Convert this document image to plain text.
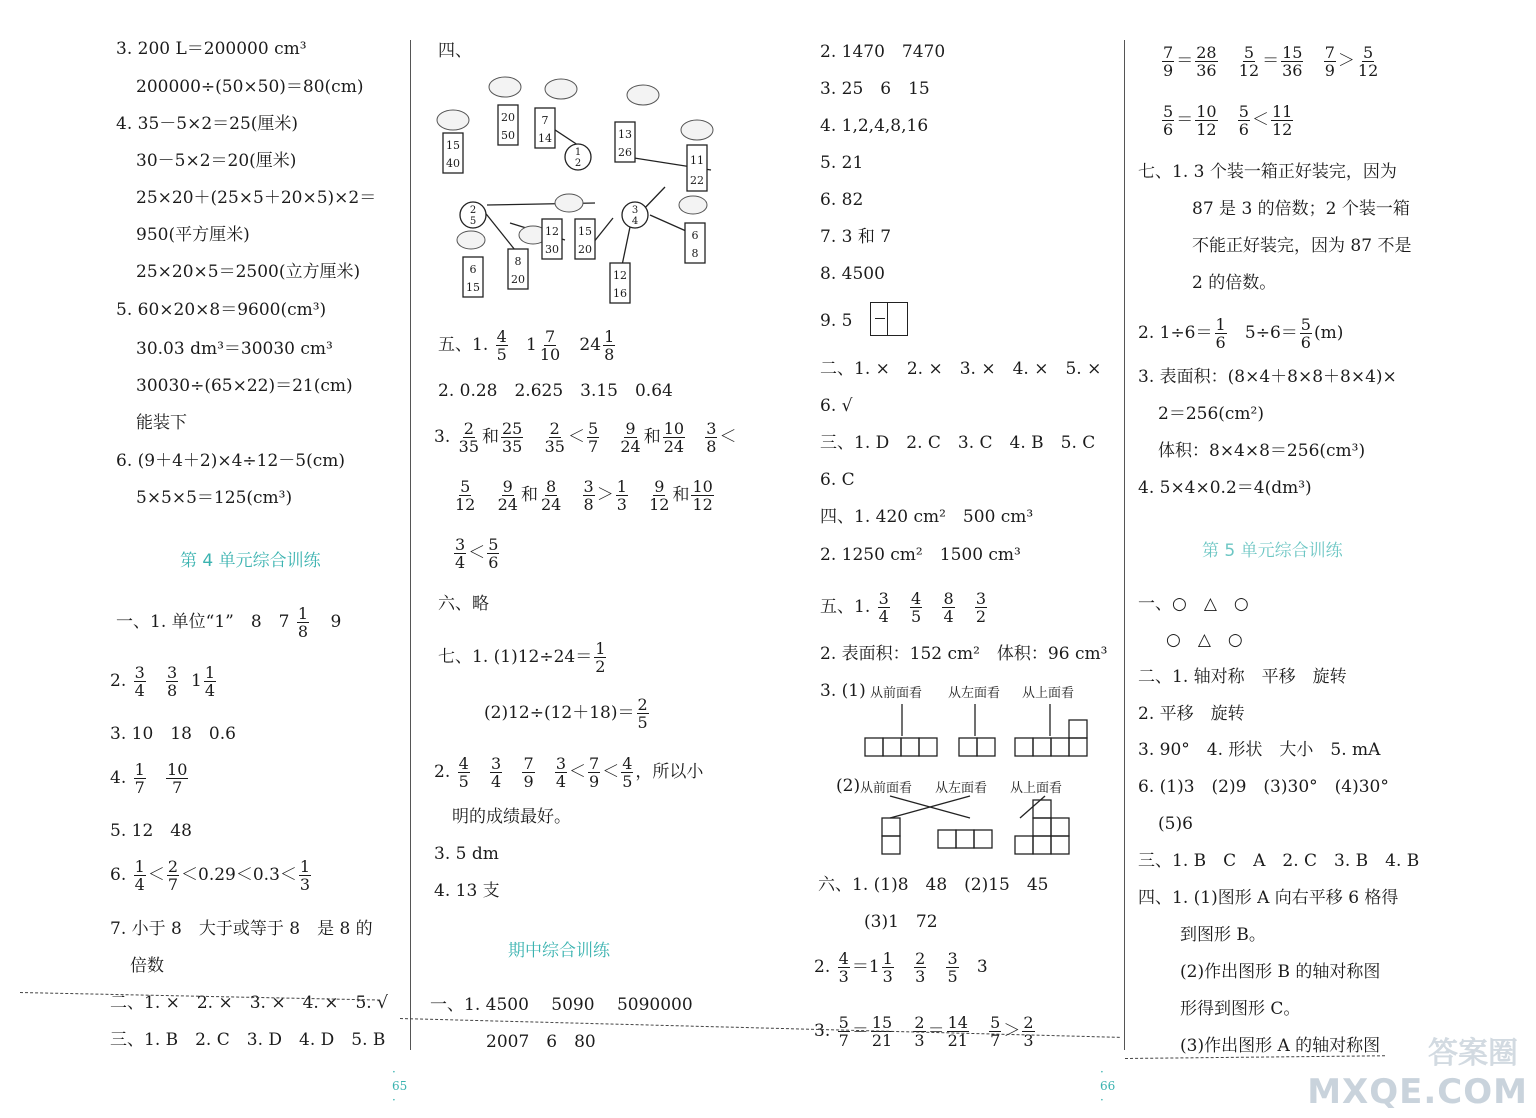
3. 200 L＝200000 cm³
200000÷(50×50)＝80(cm)
4. 35－5×2＝25(厘米)
30－5×2＝20(厘米)
25×20＋(25×5＋20×5)×2＝
950(平方厘米)
25×20×5＝2500(立方厘米)
5. 60×20×8＝9600(cm³)
30.03 dm³＝30030 cm³
30030÷(65×22)＝21(cm)
能装下
6. (9＋4＋2)×4÷12－5(cm)
5×5×5＝125(cm³)
第 4 单元综合训练
一、1. 单位“1”　8　$7 \frac{1}{8} 9$
2. $\frac{3}{4}$
$\frac{3}{8} 1 \frac{1}{4}$
3. 10　18　0.6
4. $\frac{1}{7}$
$\frac{10}{7}$
5. 12　48
6. $\frac{1}{4} < \frac{2}{7} <0.29<0.3< \frac{1}{3}$
7. 小于 8　大于或等于 8　是 8 的
倍数
二、1. ×　2. ×　3. ×　4. ×　5. √
三、1. B　2. C　3. D　4. D　5. B
· 65 ·
四、
15
40
20
50
7
14	13
26
11
22
12
30
15
20
6
8
6
15
8
20	12
16
1
2
2
5
3
4
五、1. $\frac{4}{5} 1 \frac{7}{10} 24 \frac{1}{8}$
2. 0.28　2.625　3.15　0.64
3. $\frac{2}{35}$ 和 $\frac{25}{35}$
$\frac{2}{35} < \frac{5}{7}$
$\frac{9}{24}$ 和 $\frac{10}{24}$
$\frac{3}{8}$ ＜
$\frac{5}{12}$
$\frac{9}{24}$ 和 $\frac{8}{24}$
$\frac{3}{8} > \frac{1}{3}$
$\frac{9}{12}$ 和 $\frac{10}{12}$
$\frac{3}{4} < \frac{5}{6}$
六、略
七、1. $(1)12\div 24= \frac{1}{2}$
$(2)12\div(12+18)= \frac{2}{5}$
2. $\frac{4}{5}$
$\frac{3}{4}$
$\frac{7}{9}$
$\frac{3}{4} < \frac{7}{9} < \frac{4}{5}$ ，所以小
明的成绩最好。
3. 5 dm
4. 13 支
期中综合训练
一、1. 4500　 5090　 5090000
2007　6　80
2. 1470　7470
3. 25　6　15
4. 1,2,4,8,16
5. 21
6. 82
7. 3 和 7
8. 4500
9. 5
二、1. ×　2. ×　3. ×　4. ×　5. ×
6. √
三、1. D　2. C　3. C　4. B　5. C
6. C
四、1. 420 cm²　500 cm³
2. 1250 cm²　1500 cm³
五、1. $\frac{3}{4}$
$\frac{4}{5}$
$\frac{8}{4}$
$\frac{3}{2}$
2. 表面积：152 cm²　体积：96 cm³
3. (1) 从前面看 从左面看 从上面看
(2) 从前面看 从左面看 从上面看
六、1. (1)8　48　(2)15　45
(3)1　72
2. $\frac{4}{3} =1 \frac{1}{3}$
$\frac{2}{3}$
$\frac{3}{5} 3$
3. $\frac{5}{7} = \frac{15}{21}$
$\frac{2}{3} = \frac{14}{21}$
$\frac{5}{7} > \frac{2}{3}$
· 66 ·
$\frac{7}{9} = \frac{28}{36}$
$\frac{5}{12} = \frac{15}{36}$
$\frac{7}{9} > \frac{5}{12}$
$\frac{5}{6} = \frac{10}{12}$
$\frac{5}{6} < \frac{11}{12}$
七、1. 3 个装一箱正好装完，因为
87 是 3 的倍数；2 个装一箱
不能正好装完，因为 87 不是
2 的倍数。
2. $1\div 6= \frac{1}{6} 5\div 6= \frac{5}{6} (m)$
3. 表面积：(8×4＋8×8＋8×4)×
2＝256(cm²)
体积：8×4×8＝256(cm³)
4. 5×4×0.2＝4(dm³)
第 5 单元综合训练
一、○　△　○
○　△　○
二、1. 轴对称　平移　旋转
2. 平移　旋转
3. 90°　4. 形状　大小　5. mA
6. (1)3　(2)9　(3)30°　(4)30°
(5)6
三、1. B　C　A　2. C　3. B　4. B
四、1. (1)图形 A 向右平移 6 格得
到图形 B。
(2)作出图形 B 的轴对称图
形得到图形 C。
(3)作出图形 A 的轴对称图 答案圈
MXQE.COM
